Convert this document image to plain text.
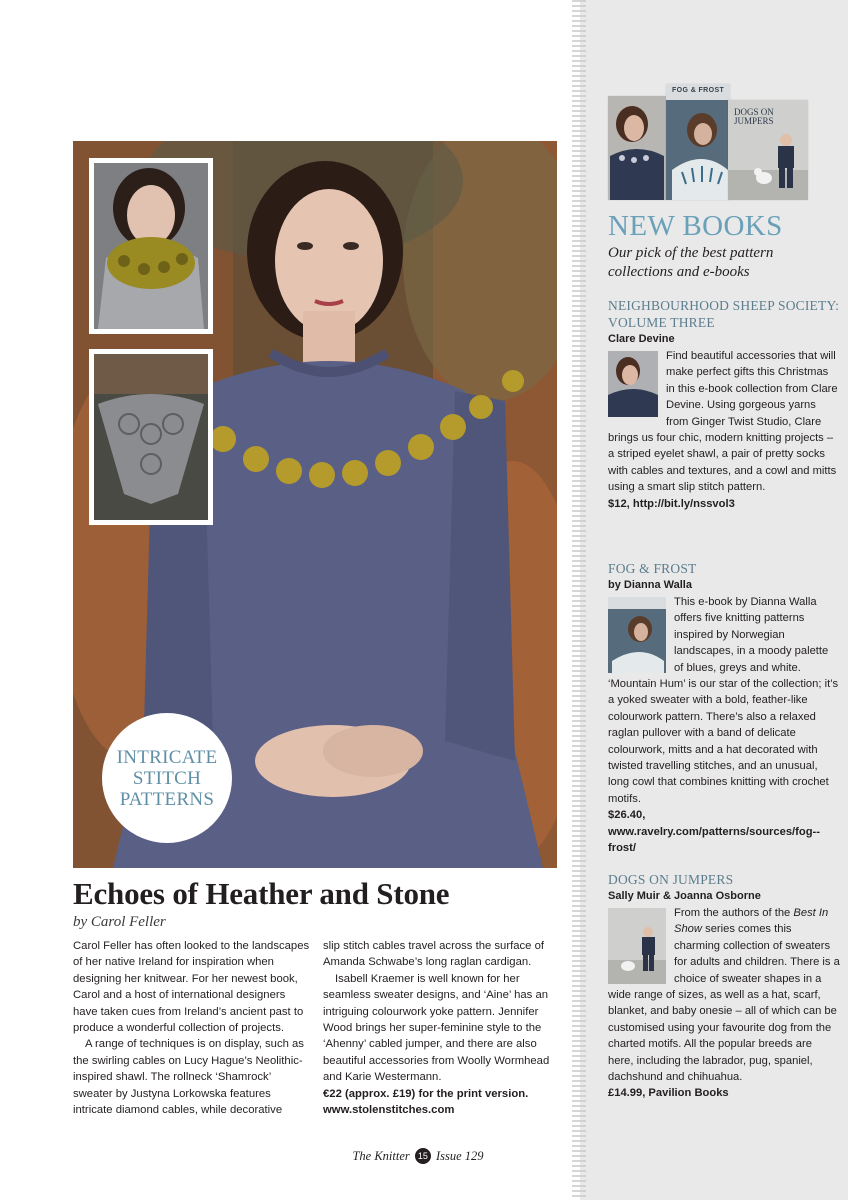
INTRICATE STITCH PATTERNS
Echoes of Heather and Stone
by Carol Feller

Carol Feller has often looked to the landscapes of her native Ireland for inspiration when designing her knitwear. For her newest book, Carol and a host of international designers have taken cues from Ireland’s ancient past to produce a wonderful collection of projects.

A range of techniques is on display, such as the swirling cables on Lucy Hague’s Neolithic-inspired shawl. The rollneck ‘Shamrock’ sweater by Justyna Lorkowska features intricate diamond cables, while decorative

slip stitch cables travel across the surface of Amanda Schwabe’s long raglan cardigan.

Isabell Kraemer is well known for her seamless sweater designs, and ‘Aine’ has an intriguing colourwork yoke pattern. Jennifer Wood brings her super-feminine style to the ‘Ahenny’ cabled jumper, and there are also beautiful accessories from Woolly Wormhead and Karie Westermann.

€22 (approx. £19) for the print version. www.stolenstitches.com

The Knitter 15 Issue 129
FOG & FROST
DOGS ON JUMPERS
NEW BOOKS
Our pick of the best pattern collections and e-books
NEIGHBOURHOOD SHEEP SOCIETY: VOLUME THREE
Clare Devine
Find beautiful accessories that will make perfect gifts this Christmas in this e-book collection from Clare Devine. Using gorgeous yarns from Ginger Twist Studio, Clare brings us four chic, modern knitting projects – a striped eyelet shawl, a pair of pretty socks with cables and textures, and a cowl and mitts using a smart slip stitch pattern.
$12, http://bit.ly/nssvol3
FOG & FROST
by Dianna Walla
This e-book by Dianna Walla offers five knitting patterns inspired by Norwegian landscapes, in a moody palette of blues, greys and white. ‘Mountain Hum’ is our star of the collection; it’s a yoked sweater with a bold, feather-like colourwork pattern. There’s also a relaxed raglan pullover with a band of delicate colourwork, mitts and a hat decorated with twisted travelling stitches, and an unusual, long cowl that combines knitting with crochet motifs.
$26.40, www.ravelry.com/patterns/sources/fog--frost/
DOGS ON JUMPERS
Sally Muir & Joanna Osborne
From the authors of the Best In Show series comes this charming collection of sweaters for adults and children. There is a choice of sweater shapes in a wide range of sizes, as well as a hat, scarf, blanket, and baby onesie – all of which can be customised using your favourite dog from the charted motifs. All the popular breeds are here, including the labrador, pug, spaniel, dachshund and chihuahua.
£14.99, Pavilion Books
